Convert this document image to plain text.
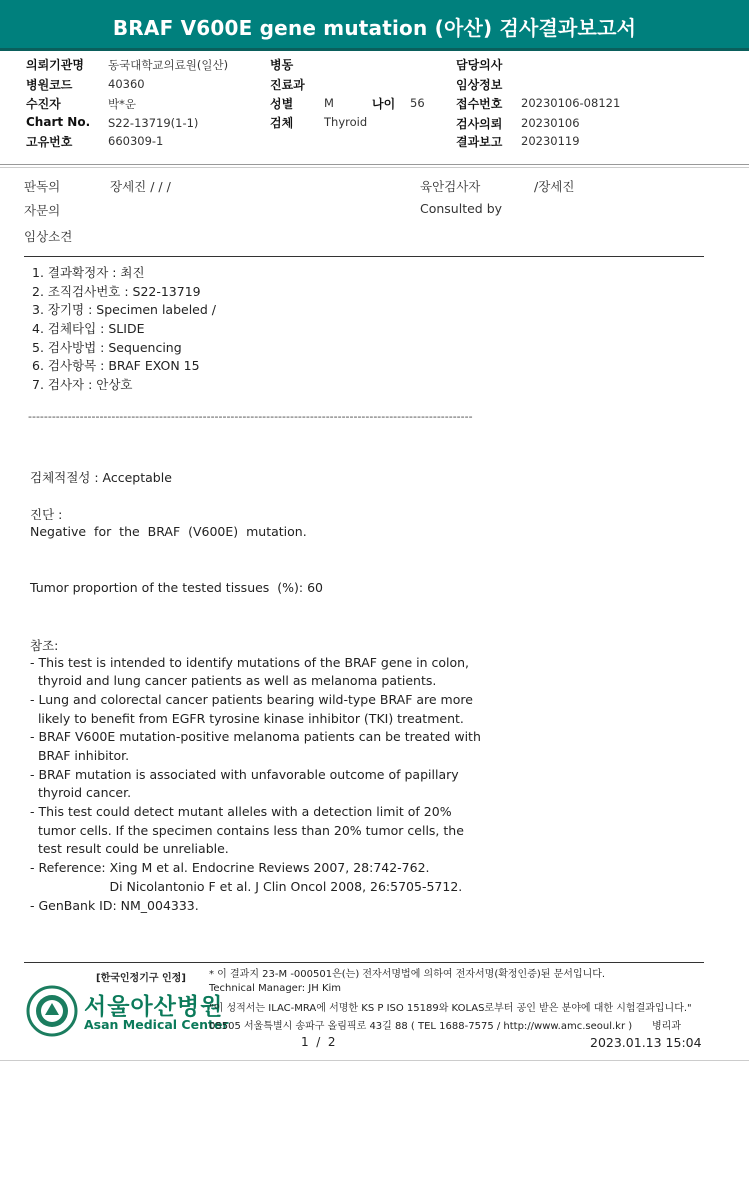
BRAF V600E gene mutation (아산) 검사결과보고서
의뢰기관명 동국대학교의료원(일산)
병원코드	40360
수진자	박*운
Chart No. S22-13719(1-1)
고유번호	660309-1
병동
진료과
성별	M	나이 56
검체	Thyroid
담당의사
임상정보
접수번호 20230106-08121
검사의뢰 20230106
결과보고 20230119
판독의	장세진 / / /
자문의
임상소견
육안검사자	/장세진
Consulted by
1. 결과확정자 : 최진
2. 조직검사번호 : S22-13719
3. 장기명 : Specimen labeled /
4. 검체타입 : SLIDE
5. 검사방법 : Sequencing
6. 검사항목 : BRAF EXON 15
7. 검사자 : 안상호
----------------------------------------------------------------------------------------------------------------
검체적절성 : Acceptable
진단 :
Negative  for  the  BRAF  (V600E)  mutation.
Tumor proportion of the tested tissues  (%): 60
참조:
- This test is intended to identify mutations of the BRAF gene in colon,
thyroid and lung cancer patients as well as melanoma patients.
- Lung and colorectal cancer patients bearing wild-type BRAF are more
likely to benefit from EGFR tyrosine kinase inhibitor (TKI) treatment.
- BRAF V600E mutation-positive melanoma patients can be treated with
BRAF inhibitor.
- BRAF mutation is associated with unfavorable outcome of papillary
thyroid cancer.
- This test could detect mutant alleles with a detection limit of 20%
tumor cells. If the specimen contains less than 20% tumor cells, the
test result could be unreliable.
- Reference: Xing M et al. Endocrine Reviews 2007, 28:742-762.
Di Nicolantonio F et al. J Clin Oncol 2008, 26:5705-5712.
- GenBank ID: NM_004333.
[한국인정기구 인정]
서울아산병원
Asan Medical Center
* 이 결과지 23-M -000501은(는) 전자서명법에 의하여 전자서명(확정인증)된 문서입니다.
Technical Manager: JH Kim
"이 성적서는 ILAC-MRA에 서명한 KS P ISO 15189와 KOLAS로부터 공인 받은 분야에 대한 시험결과입니다."
05505 서울특별시 송파구 올림픽로 43길 88 ( TEL 1688-7575 / http://www.amc.seoul.kr ) 병리과
1  /  2	2023.01.13 15:04
